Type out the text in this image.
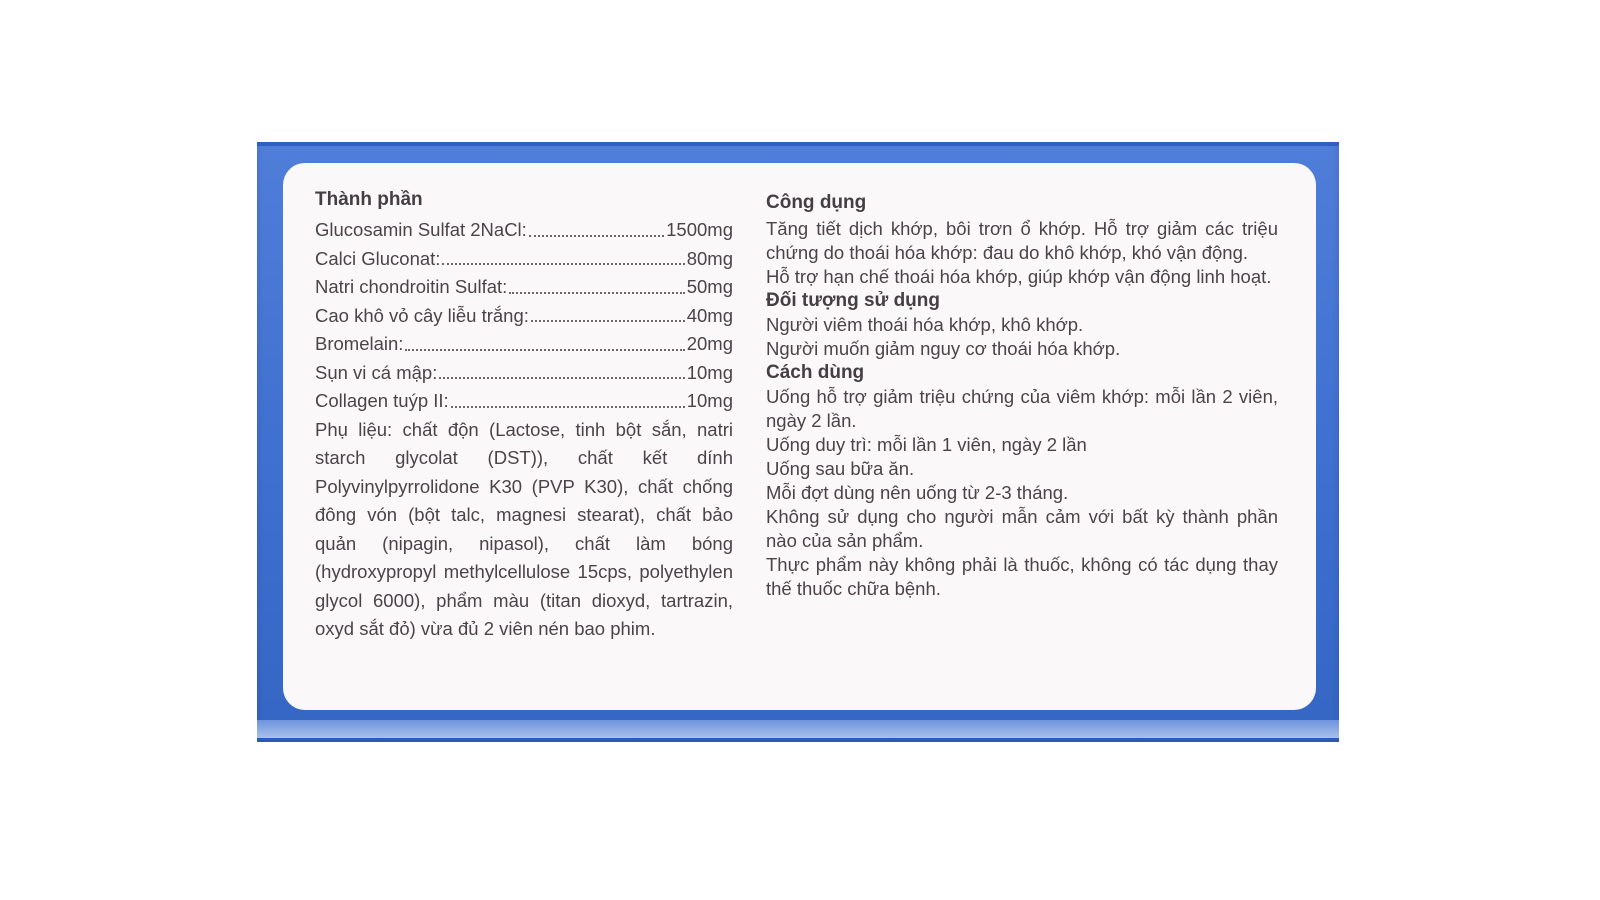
Thành phần

Glucosamin Sulfat 2NaCl:	1500mg
Calci Gluconat:	80mg
Natri chondroitin Sulfat:	50mg
Cao khô vỏ cây liễu trắng:	40mg
Bromelain:	20mg
Sụn vi cá mập:	10mg
Collagen tuýp II:	10mg

Phụ liệu: chất độn (Lactose, tinh bột sắn, natri starch glycolat (DST)), chất kết dính Polyvinylpyrrolidone K30 (PVP K30), chất chống đông vón (bột talc, magnesi stearat), chất bảo quản (nipagin, nipasol), chất làm bóng (hydroxypropyl methylcellulose 15cps, polyethylen glycol 6000), phẩm màu (titan dioxyd, tartrazin, oxyd sắt đỏ) vừa đủ 2 viên nén bao phim.

Công dụng

Tăng tiết dịch khớp, bôi trơn ổ khớp. Hỗ trợ giảm các triệu chứng do thoái hóa khớp: đau do khô khớp, khó vận động.

Hỗ trợ hạn chế thoái hóa khớp, giúp khớp vận động linh hoạt.

Đối tượng sử dụng

Người viêm thoái hóa khớp, khô khớp.

Người muốn giảm nguy cơ thoái hóa khớp.

Cách dùng

Uống hỗ trợ giảm triệu chứng của viêm khớp: mỗi lần 2 viên, ngày 2 lần.

Uống duy trì: mỗi lần 1 viên, ngày 2 lần

Uống sau bữa ăn.

Mỗi đợt dùng nên uống từ 2-3 tháng.

Không sử dụng cho người mẫn cảm với bất kỳ thành phần nào của sản phẩm.

Thực phẩm này không phải là thuốc, không có tác dụng thay thế thuốc chữa bệnh.
